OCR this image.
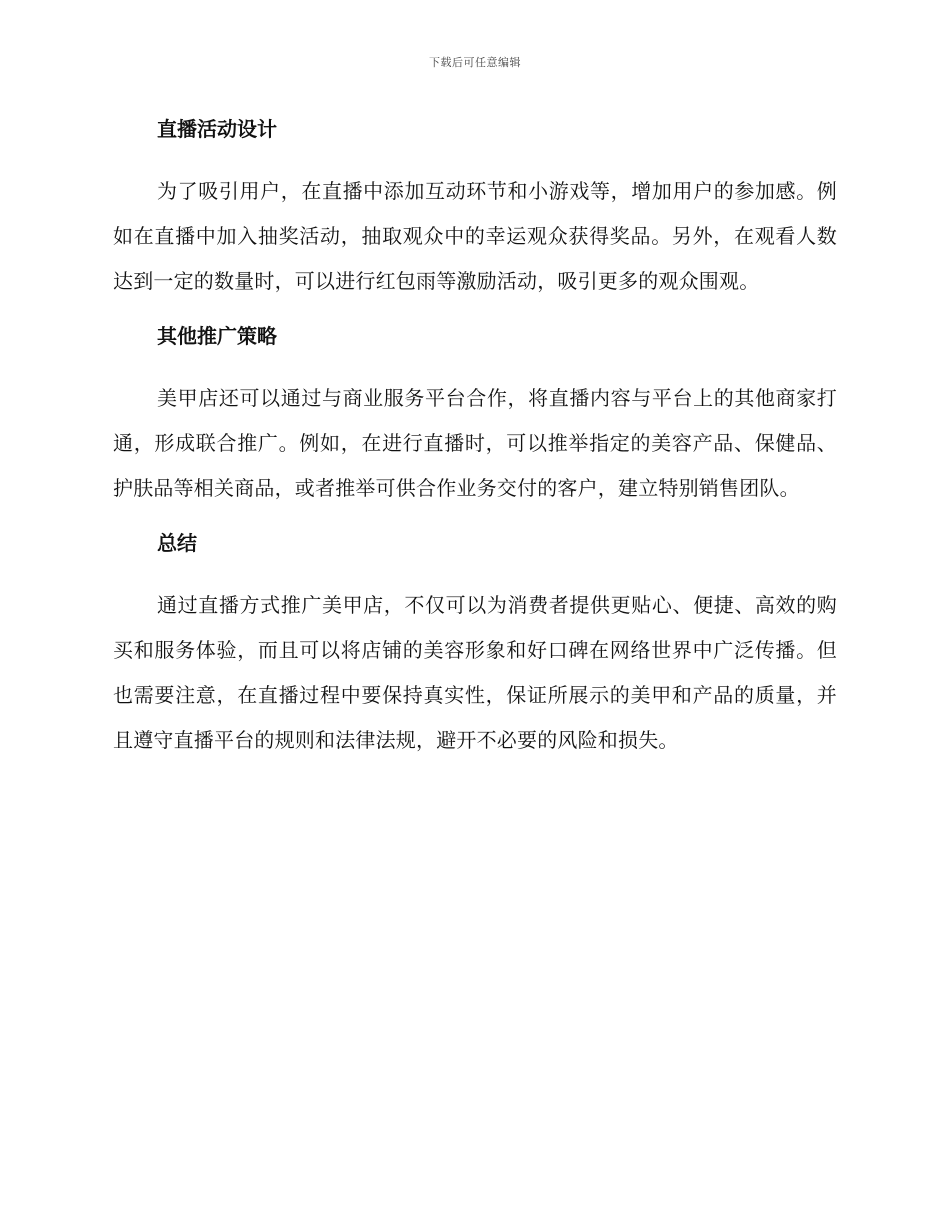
下载后可任意编辑
直播活动设计

为了吸引用户，在直播中添加互动环节和小游戏等，增加用户的参加感。例如在直播中加入抽奖活动，抽取观众中的幸运观众获得奖品。另外，在观看人数达到一定的数量时，可以进行红包雨等激励活动，吸引更多的观众围观。

其他推广策略

美甲店还可以通过与商业服务平台合作，将直播内容与平台上的其他商家打通，形成联合推广。例如，在进行直播时，可以推举指定的美容产品、保健品、护肤品等相关商品，或者推举可供合作业务交付的客户，建立特别销售团队。

总结

通过直播方式推广美甲店，不仅可以为消费者提供更贴心、便捷、高效的购买和服务体验，而且可以将店铺的美容形象和好口碑在网络世界中广泛传播。但也需要注意，在直播过程中要保持真实性，保证所展示的美甲和产品的质量，并且遵守直播平台的规则和法律法规，避开不必要的风险和损失。
